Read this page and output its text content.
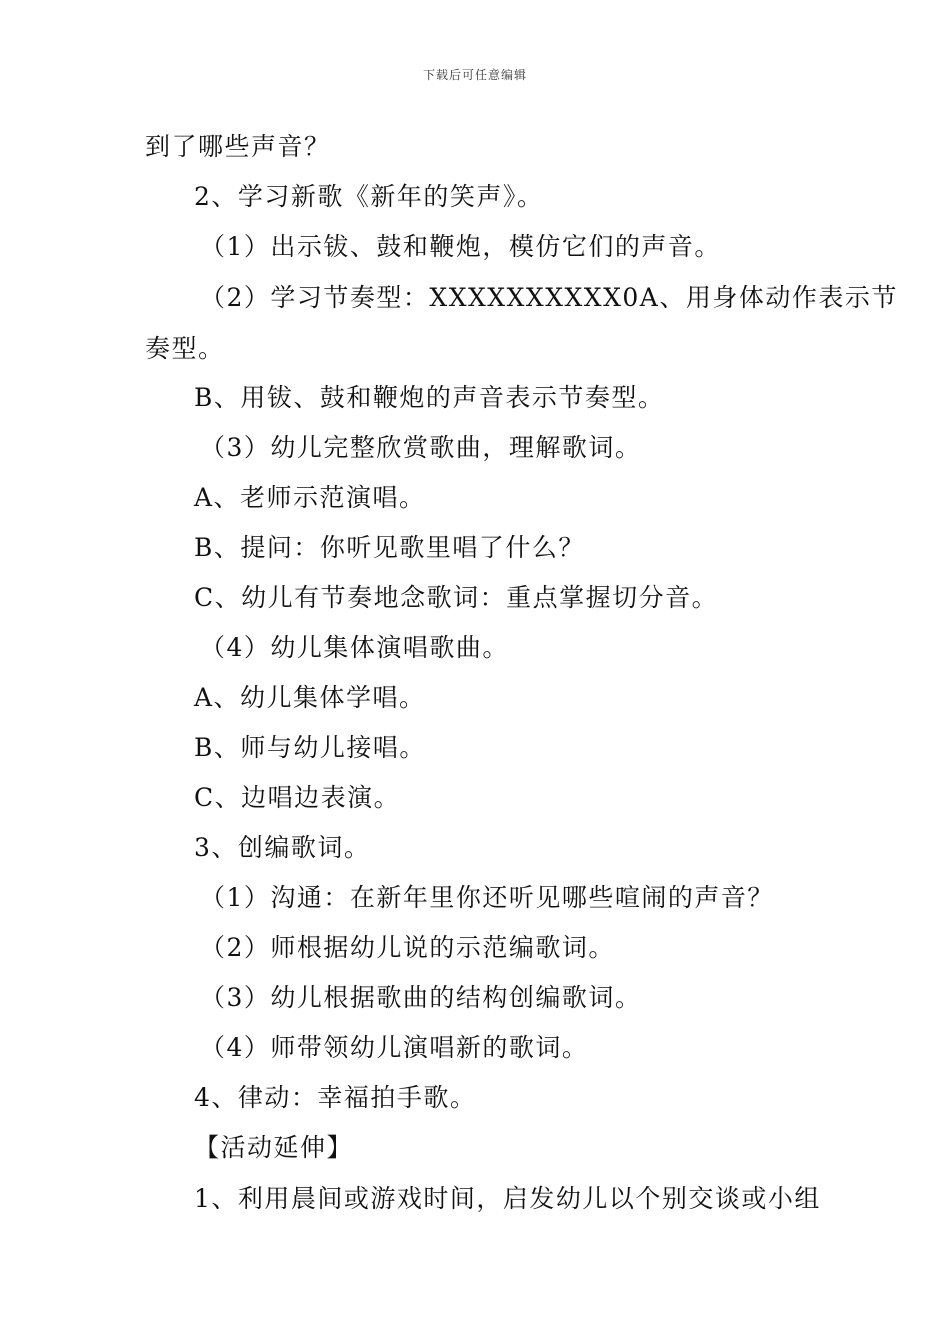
下载后可任意编辑
到了哪些声音？
2、学习新歌《新年的笑声》。
（1）出示钹、鼓和鞭炮，模仿它们的声音。
（2）学习节奏型：XXXXXXXXXX0A、用身体动作表示节
奏型。
B、用钹、鼓和鞭炮的声音表示节奏型。
（3）幼儿完整欣赏歌曲，理解歌词。
A、老师示范演唱。
B、提问：你听见歌里唱了什么？
C、幼儿有节奏地念歌词：重点掌握切分音。
（4）幼儿集体演唱歌曲。
A、幼儿集体学唱。
B、师与幼儿接唱。
C、边唱边表演。
3、创编歌词。
（1）沟通：在新年里你还听见哪些喧闹的声音？
（2）师根据幼儿说的示范编歌词。
（3）幼儿根据歌曲的结构创编歌词。
（4）师带领幼儿演唱新的歌词。
4、律动：幸福拍手歌。
【活动延伸】
1、利用晨间或游戏时间，启发幼儿以个别交谈或小组
